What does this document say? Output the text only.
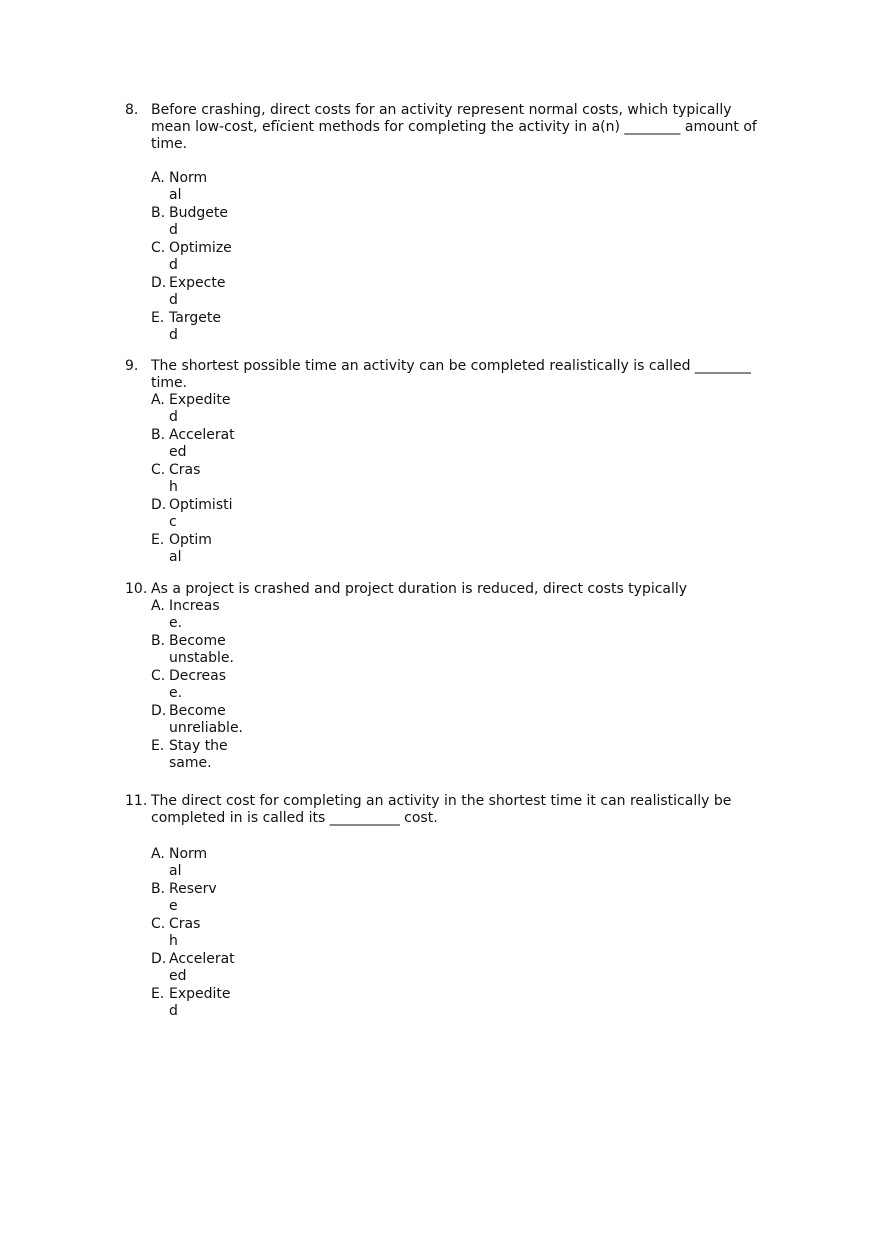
8. Before crashing, direct costs for an activity represent normal costs, which typically mean low-cost, efïcient methods for completing the activity in a(n) ________ amount of time.
A. Normal
B. Budgeted
C. Optimized
D. Expected
E. Targeted
9. The shortest possible time an activity can be completed realistically is called ________ time.
A. Expedited
B. Accelerated
C. Crash
D. Optimistic
E. Optimal
10. As a project is crashed and project duration is reduced, direct costs typically
A. Increase.
B. Become unstable.
C. Decrease.
D. Become unreliable.
E. Stay the same.
11. The direct cost for completing an activity in the shortest time it can realistically be completed in is called its __________ cost.
A. Normal
B. Reserve
C. Crash
D. Accelerated
E. Expedited
